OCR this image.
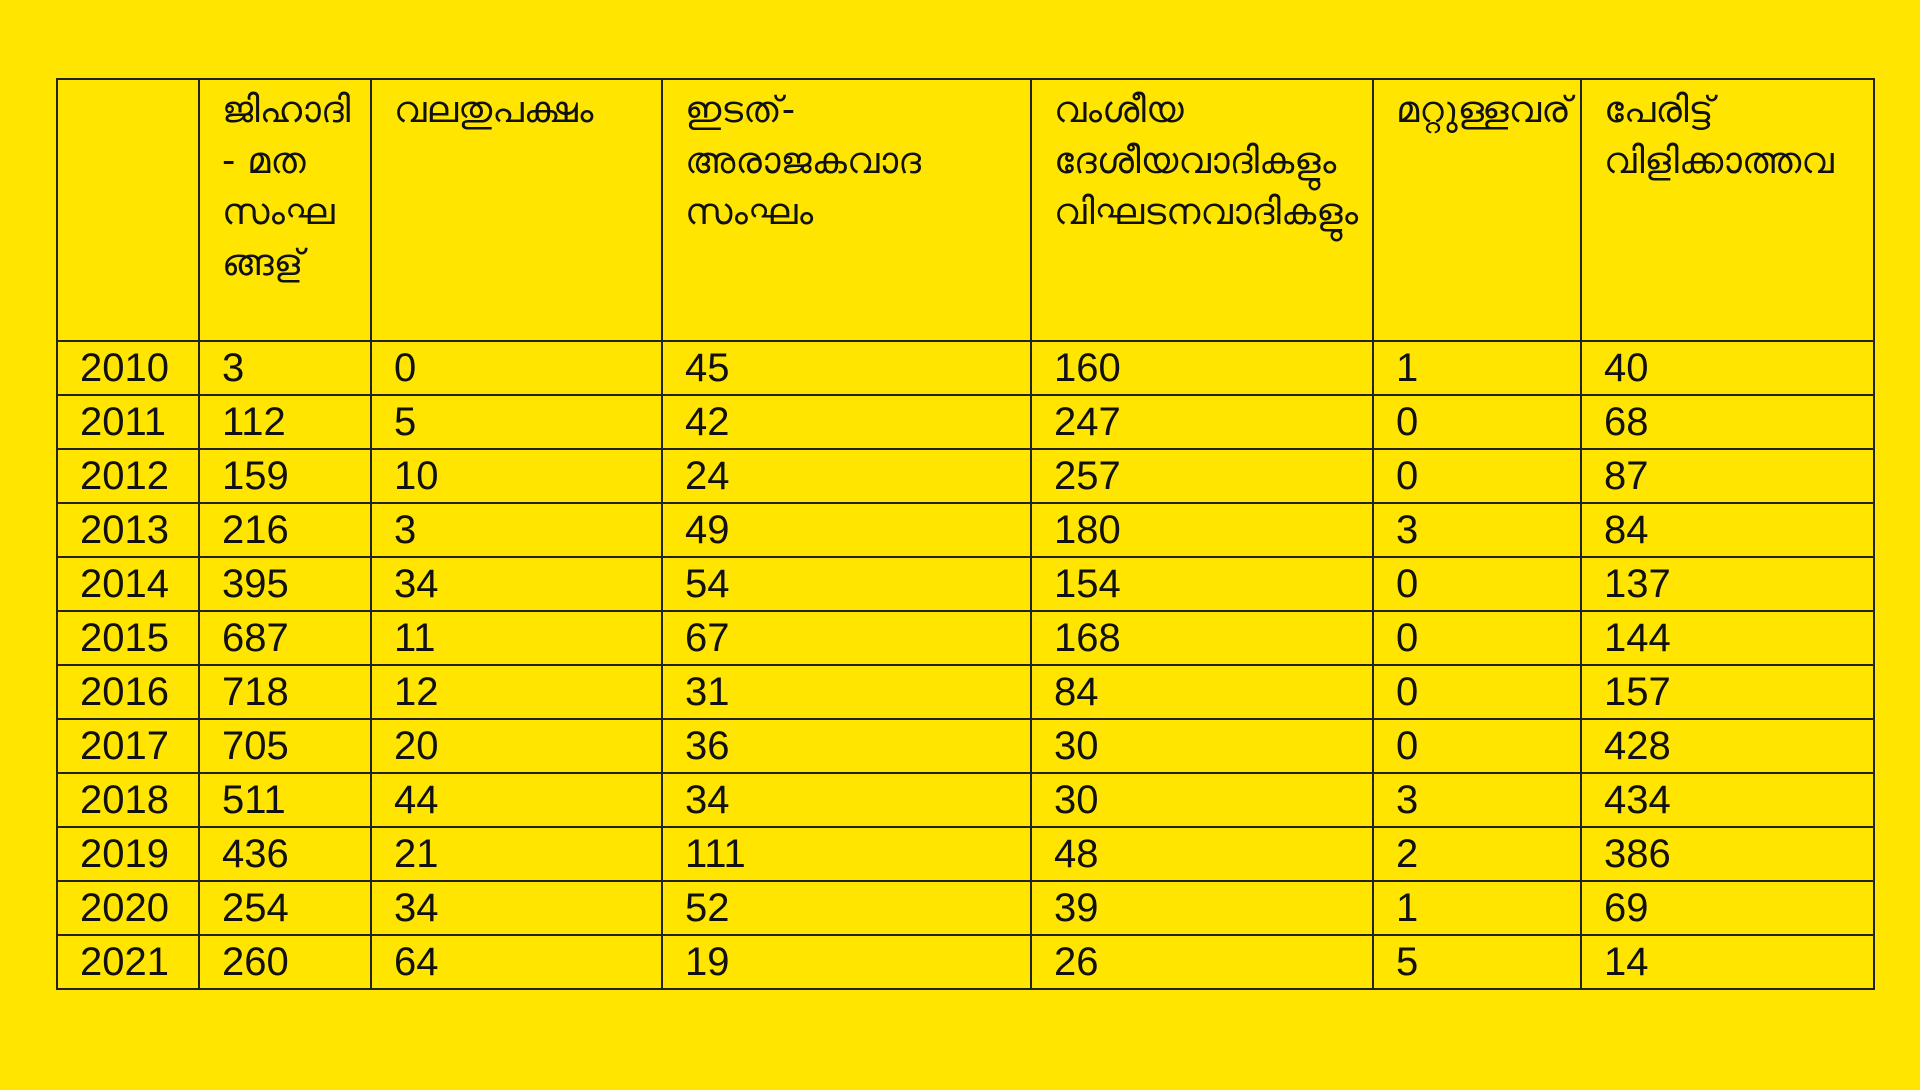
	ജിഹാദി - മത സംഘങ്ങള്	വലതുപക്ഷം	ഇടത്- അരാജകവാദ സംഘം	വംശീയ ദേശീയവാദികളും വിഘടനവാദികളും	മറ്റുള്ളവര്	പേരിട്ട് വിളിക്കാത്തവ
2010	3	0	45	160	1	40
2011	112	5	42	247	0	68
2012	159	10	24	257	0	87
2013	216	3	49	180	3	84
2014	395	34	54	154	0	137
2015	687	11	67	168	0	144
2016	718	12	31	84	0	157
2017	705	20	36	30	0	428
2018	511	44	34	30	3	434
2019	436	21	111	48	2	386
2020	254	34	52	39	1	69
2021	260	64	19	26	5	14
